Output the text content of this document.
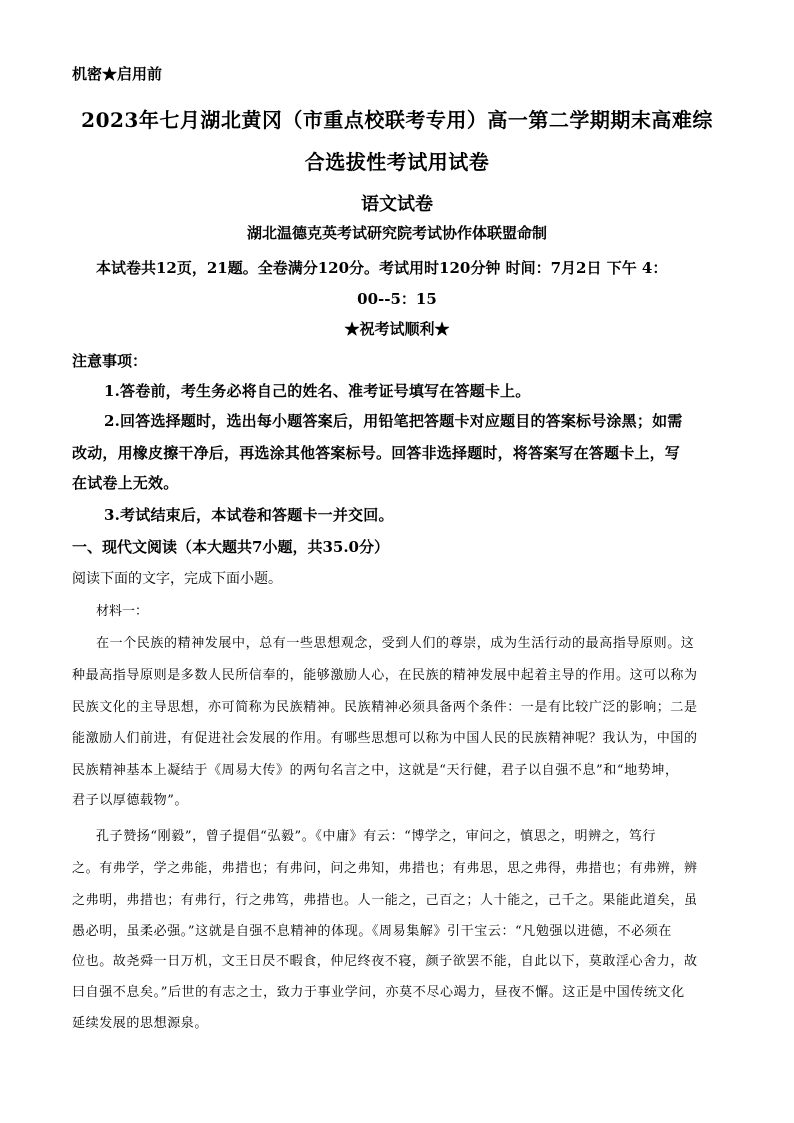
机密★启用前
2023年七月湖北黄冈（市重点校联考专用）高一第二学期期末高难综
合选拔性考试用试卷
语文试卷
湖北温德克英考试研究院考试协作体联盟命制
本试卷共12页，21题。全卷满分120分。考试用时120分钟 时间：7月2日 下午 4：
00--5：15
★祝考试顺利★
注意事项：
1.答卷前，考生务必将自己的姓名、准考证号填写在答题卡上。
2.回答选择题时，选出每小题答案后，用铅笔把答题卡对应题目的答案标号涂黑；如需
改动，用橡皮擦干净后，再选涂其他答案标号。回答非选择题时，将答案写在答题卡上，写
在试卷上无效。
3.考试结束后，本试卷和答题卡一并交回。
一、现代文阅读（本大题共7小题，共35.0分）
阅读下面的文字，完成下面小题。
材料一：
在一个民族的精神发展中，总有一些思想观念，受到人们的尊崇，成为生活行动的最高指导原则。这
种最高指导原则是多数人民所信奉的，能够激励人心，在民族的精神发展中起着主导的作用。这可以称为
民族文化的主导思想，亦可简称为民族精神。民族精神必须具备两个条件：一是有比较广泛的影响；二是
能激励人们前进，有促进社会发展的作用。有哪些思想可以称为中国人民的民族精神呢？我认为，中国的
民族精神基本上凝结于《周易大传》的两句名言之中，这就是“天行健，君子以自强不息”和“地势坤，
君子以厚德载物”。
孔子赞扬“刚毅”，曾子提倡“弘毅”。《中庸》有云：“博学之，审问之，慎思之，明辨之，笃行
之。有弗学，学之弗能，弗措也；有弗问，问之弗知，弗措也；有弗思，思之弗得，弗措也；有弗辨，辨
之弗明，弗措也；有弗行，行之弗笃，弗措也。人一能之，己百之；人十能之，己千之。果能此道矣，虽
愚必明，虽柔必强。”这就是自强不息精神的体现。《周易集解》引干宝云：“凡勉强以进德，不必须在
位也。故尧舜一日万机，文王日昃不暇食，仲尼终夜不寝，颜子欲罢不能，自此以下，莫敢淫心舍力，故
曰自强不息矣。”后世的有志之士，致力于事业学问，亦莫不尽心竭力，昼夜不懈。这正是中国传统文化
延续发展的思想源泉。
